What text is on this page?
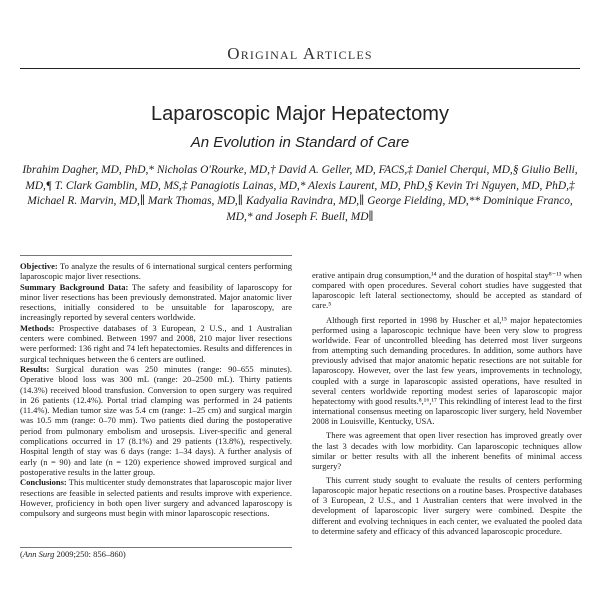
Original Articles
Laparoscopic Major Hepatectomy
An Evolution in Standard of Care
Ibrahim Dagher, MD, PhD,* Nicholas O'Rourke, MD,† David A. Geller, MD, FACS,‡ Daniel Cherqui, MD,§ Giulio Belli, MD,¶ T. Clark Gamblin, MD, MS,‡ Panagiotis Lainas, MD,* Alexis Laurent, MD, PhD,§ Kevin Tri Nguyen, MD, PhD,‡ Michael R. Marvin, MD,∥ Mark Thomas, MD,∥ Kadyalia Ravindra, MD,∥ George Fielding, MD,** Dominique Franco, MD,* and Joseph F. Buell, MD∥

Objective: To analyze the results of 6 international surgical centers performing laparoscopic major liver resections.

Summary Background Data: The safety and feasibility of laparoscopy for minor liver resections has been previously demonstrated. Major anatomic liver resections, initially considered to be unsuitable for laparoscopy, are increasingly reported by several centers worldwide.

Methods: Prospective databases of 3 European, 2 U.S., and 1 Australian centers were combined. Between 1997 and 2008, 210 major liver resections were performed: 136 right and 74 left hepatectomies. Results and differences in surgical techniques between the 6 centers are outlined.

Results: Surgical duration was 250 minutes (range: 90–655 minutes). Operative blood loss was 300 mL (range: 20–2500 mL). Thirty patients (14.3%) received blood transfusion. Conversion to open surgery was required in 26 patients (12.4%). Portal triad clamping was performed in 24 patients (11.4%). Median tumor size was 5.4 cm (range: 1–25 cm) and surgical margin was 10.5 mm (range: 0–70 mm). Two patients died during the postoperative period from pulmonary embolism and urosepsis. Liver-specific and general complications occurred in 17 (8.1%) and 29 patients (13.8%), respectively. Hospital length of stay was 6 days (range: 1–34 days). A further analysis of early (n = 90) and late (n = 120) experience showed improved surgical and postoperative results in the latter group.

Conclusions: This multicenter study demonstrates that laparoscopic major liver resections are feasible in selected patients and results improve with experience. However, proficiency in both open liver surgery and advanced laparoscopy is compulsory and surgeons must begin with minor laparoscopic resections.

(Ann Surg 2009;250: 856–860)

erative antipain drug consumption,¹⁴ and the duration of hospital stay⁸⁻¹³ when compared with open procedures. Several cohort studies have suggested that laparoscopic left lateral sectionectomy, should be accepted as standard of care.⁵

Although first reported in 1998 by Huscher et al,¹⁵ major hepatectomies performed using a laparoscopic technique have been very slow to progress worldwide. Fear of uncontrolled bleeding has deterred most liver surgeons from attempting such demanding procedures. In addition, some authors have previously advised that major anatomic hepatic resections are not suitable for laparoscopy. However, over the last few years, improvements in technology, coupled with a surge in laparoscopic assisted operations, have resulted in several centers worldwide reporting modest series of laparoscopic major hepatectomy with good results.⁸,¹⁶,¹⁷ This rekindling of interest lead to the first international consensus meeting on laparoscopic liver surgery, held November 2008 in Louisville, Kentucky, USA.

There was agreement that open liver resection has improved greatly over the last 3 decades with low morbidity. Can laparoscopic techniques allow similar or better results with all the inherent benefits of minimal access surgery?

This current study sought to evaluate the results of centers performing laparoscopic major hepatic resections on a routine bases. Prospective databases of 3 European, 2 U.S., and 1 Australian centers that were involved in the development of laparoscopic liver surgery were combined. Despite the different and evolving techniques in each center, we evaluated the pooled data to determine safety and efficacy of this advanced laparoscopic procedure.
